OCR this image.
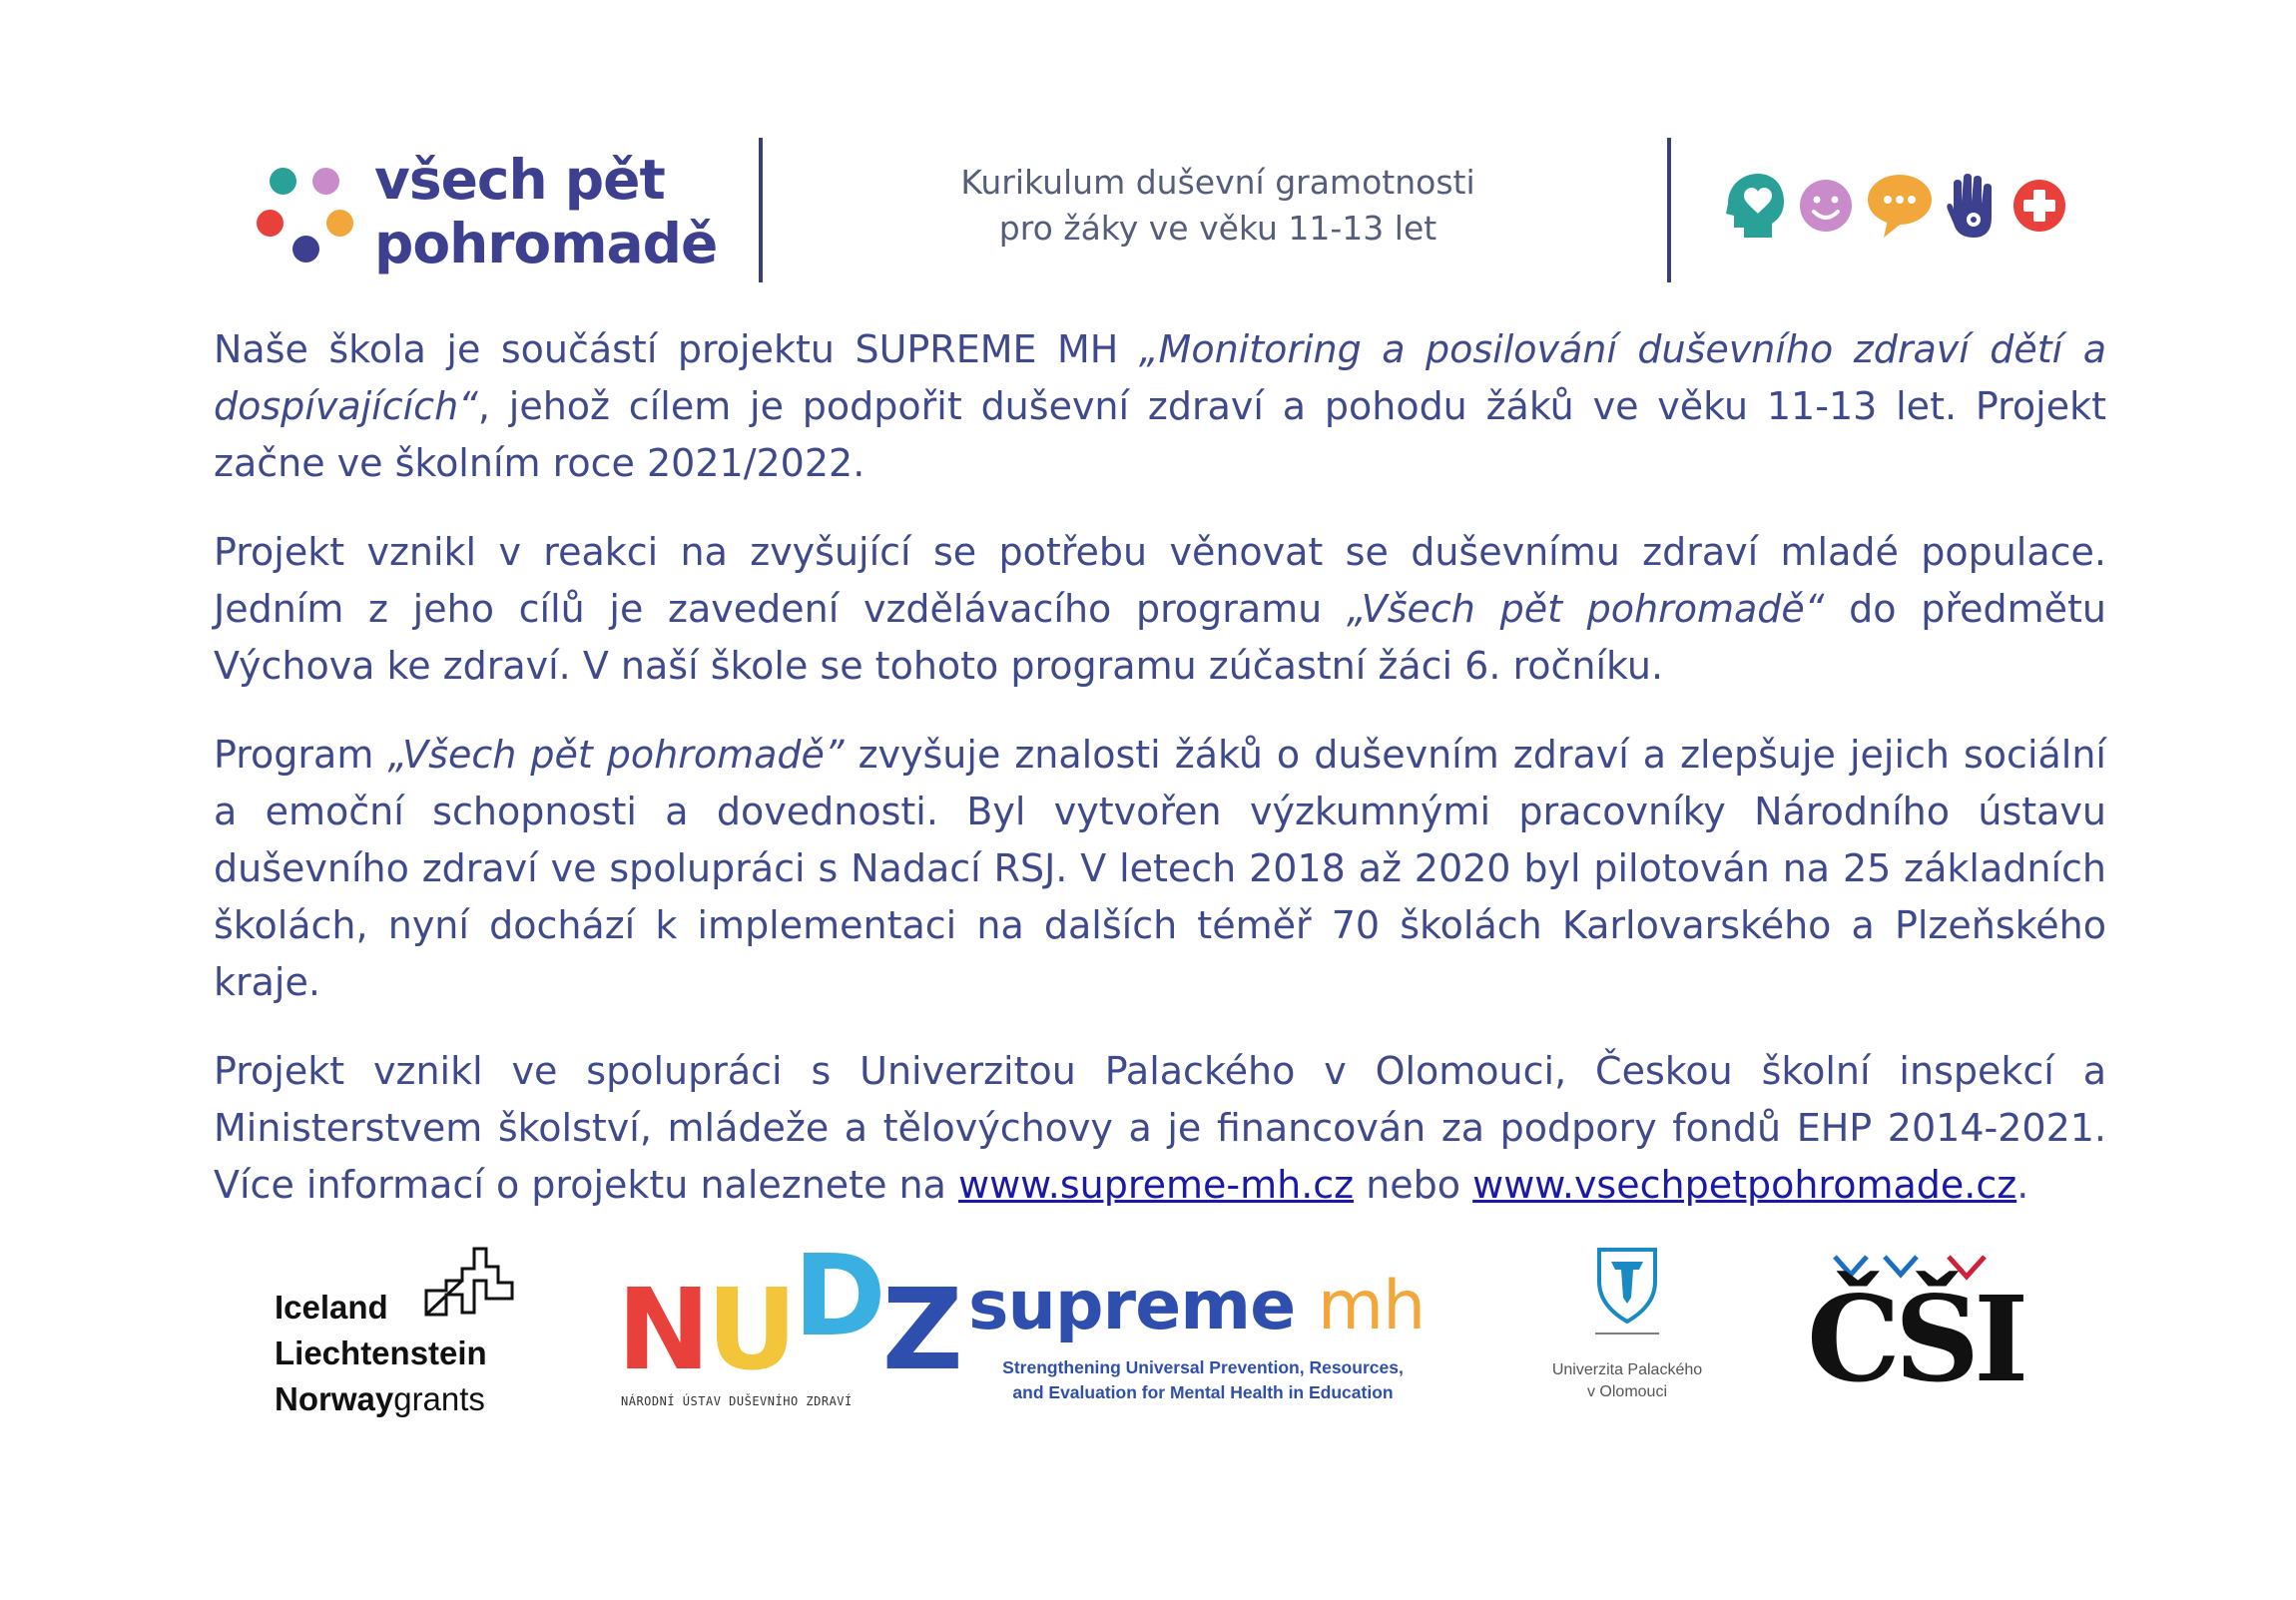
všech pět
pohromadě
Kurikulum duševní gramotnosti
pro žáky ve věku 11-13 let

Naše škola je součástí projektu SUPREME MH „Monitoring a posilování duševního zdraví dětí a dospívajících“, jehož cílem je podpořit duševní zdraví a pohodu žáků ve věku 11-13 let. Projekt začne ve školním roce 2021/2022.

Projekt vznikl v reakci na zvyšující se potřebu věnovat se duševnímu zdraví mladé populace. Jedním z jeho cílů je zavedení vzdělávacího programu „Všech pět pohromadě“ do předmětu Výchova ke zdraví. V naší škole se tohoto programu zúčastní žáci 6. ročníku.

Program „Všech pět pohromadě” zvyšuje znalosti žáků o duševním zdraví a zlepšuje jejich sociální a emoční schopnosti a dovednosti. Byl vytvořen výzkumnými pracovníky Národního ústavu duševního zdraví ve spolupráci s Nadací RSJ. V letech 2018 až 2020 byl pilotován na 25 základních školách, nyní dochází k implementaci na dalších téměř 70 školách Karlovarského a Plzeňského kraje.

Projekt vznikl ve spolupráci s Univerzitou Palackého v Olomouci, Českou školní inspekcí a Ministerstvem školství, mládeže a tělovýchovy a je financován za podpory fondů EHP 2014-2021. Více informací o projektu naleznete na www.supreme-mh.cz nebo www.vsechpetpohromade.cz.

Iceland
Liechtenstein
Norwaygrants
NUDZ
NÁRODNÍ ÚSTAV DUŠEVNÍHO ZDRAVÍ
supreme mh
Strengthening Universal Prevention, Resources,
and Evaluation for Mental Health in Education
Univerzita Palackého
v Olomouci	ČŠI
